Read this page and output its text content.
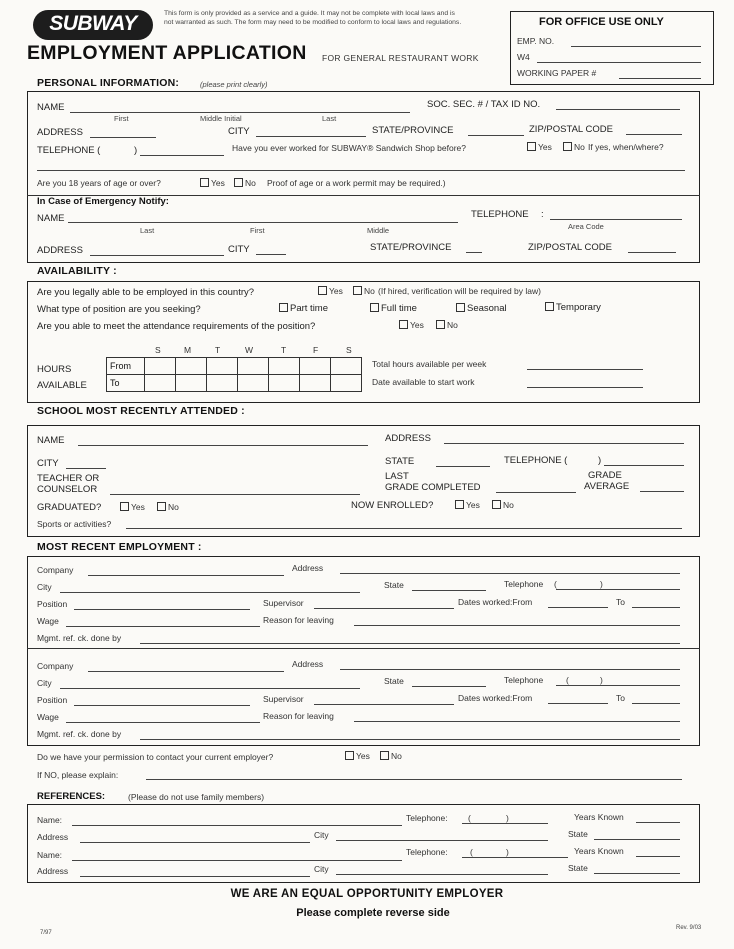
SUBWAY	This form is only provided as a service and a guide. It may not be complete with local laws and is not warranted as such. The form may need to be modified to conform to local laws and regulations.
EMPLOYMENT APPLICATION FOR GENERAL RESTAURANT WORK
FOR OFFICE USE ONLY
EMP. NO.
W4
WORKING PAPER #
PERSONAL INFORMATION:	(please print clearly)
NAME
First	Middle Initial	Last
SOC. SEC. # / TAX ID NO.
ADDRESS	CITY	STATE/PROVINCE	ZIP/POSTAL CODE
TELEPHONE (	)	Have you ever worked for SUBWAY® Sandwich Shop before?	Yes	No If yes, when/where?
Are you 18 years of age or over?	Yes	No Proof of age or a work permit may be required.)
In Case of Emergency Notify:
NAME
Last	First	Middle
TELEPHONE :
Area Code
ADDRESS	CITY	STATE/PROVINCE	ZIP/POSTAL CODE
AVAILABILITY :
Are you legally able to be employed in this country?	Yes	No (If hired, verification will be required by law)
What type of position are you seeking?	Part time	Full time	Seasonal	Temporary
Are you able to meet the attendance requirements of the position?	Yes	No
S	M	T	W	T	F	S
HOURS
AVAILABLE
From							
To							
Total hours available per week
Date available to start work
SCHOOL MOST RECENTLY ATTENDED :
NAME	ADDRESS
CITY	STATE	TELEPHONE (	)
TEACHER OR
COUNSELOR
LAST
GRADE COMPLETED
GRADE
AVERAGE
GRADUATED?	Yes	No	NOW ENROLLED?	Yes	No
Sports or activities?
MOST RECENT EMPLOYMENT :
Company	Address
City	State	Telephone (	)
Position	Supervisor	Dates worked:From	To
Wage	Reason for leaving
Mgmt. ref. ck. done by
Company	Address
City	State	Telephone	(	)
Position	Supervisor	Dates worked:From	To
Wage	Reason for leaving
Mgmt. ref. ck. done by
Do we have your permission to contact your current employer?	Yes	No
If NO, please explain:
REFERENCES:	(Please do not use family members)
Name:	Telephone: (	)	Years Known
Address	City	State
Name:	Telephone:	(	)	Years Known
Address	City	State
WE ARE AN EQUAL OPPORTUNITY EMPLOYER
Please complete reverse side
7/97
Rev. 9/03
